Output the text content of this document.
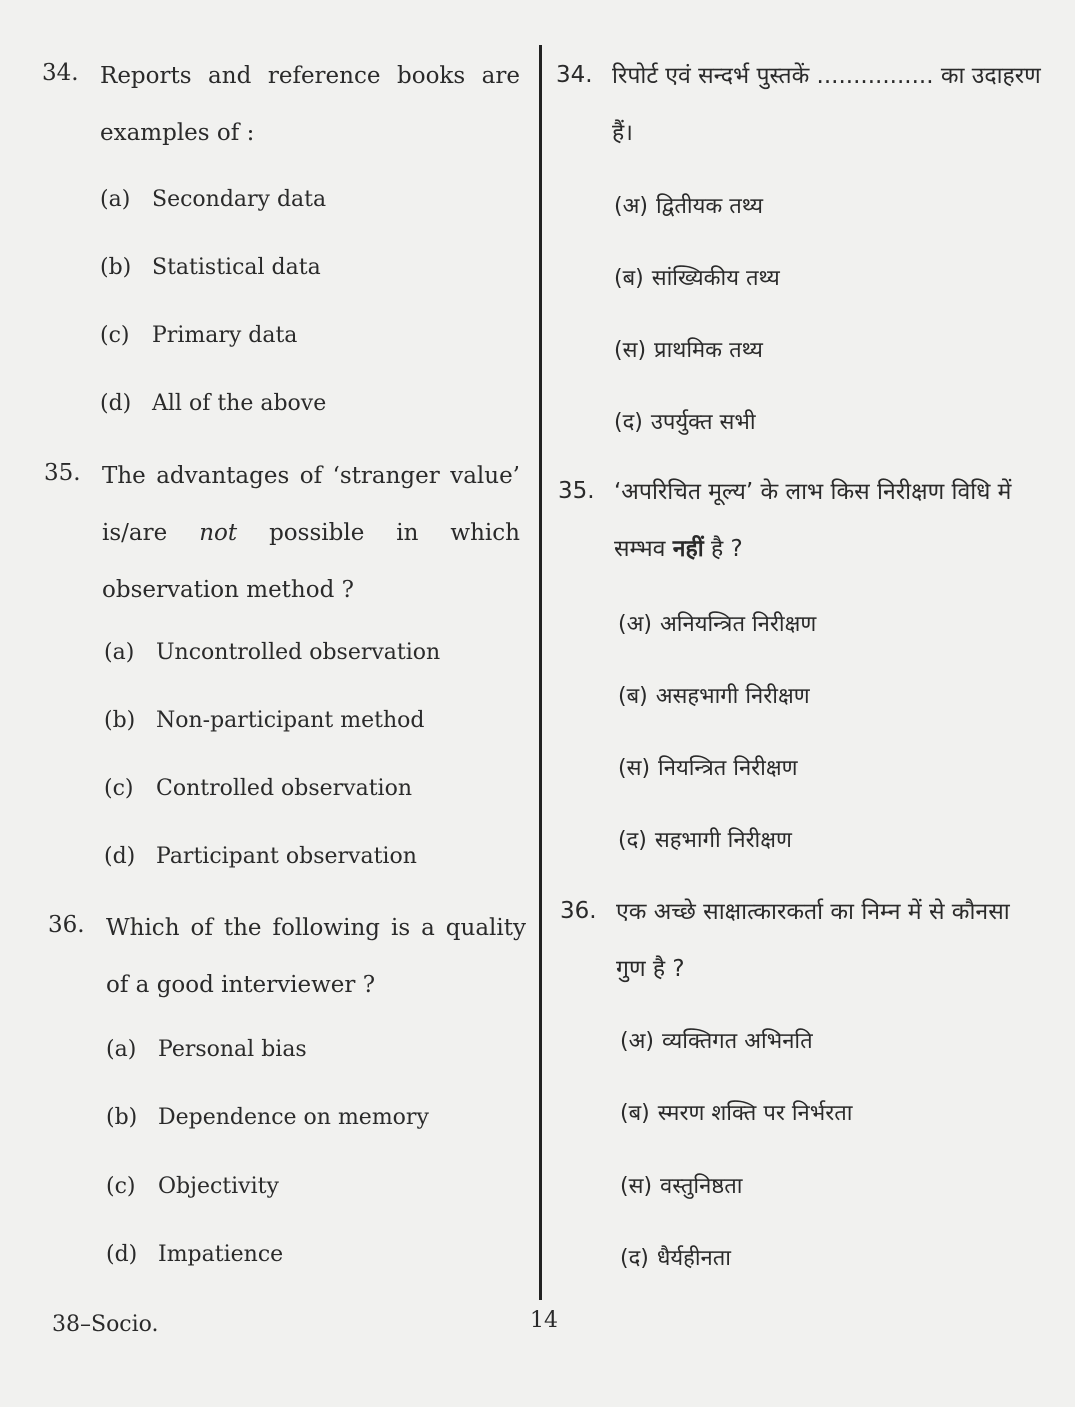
34. Reports and reference books are examples of :
(a) Secondary data
(b) Statistical data
(c) Primary data
(d) All of the above
35. The advantages of ‘stranger value’ is/are not possible in which observation method ?
(a) Uncontrolled observation
(b) Non-participant method
(c) Controlled observation
(d) Participant observation
36. Which of the following is a quality of a good interviewer ?
(a) Personal bias
(b) Dependence on memory
(c) Objectivity
(d) Impatience
34. रिपोर्ट एवं सन्दर्भ पुस्तकें ................ का उदाहरण हैं।
(अ) द्वितीयक तथ्य
(ब) सांख्यिकीय तथ्य
(स) प्राथमिक तथ्य
(द) उपर्युक्त सभी
35. ‘अपरिचित मूल्य’ के लाभ किस निरीक्षण विधि में सम्भव नहीं है ?
(अ) अनियन्त्रित निरीक्षण
(ब) असहभागी निरीक्षण
(स) नियन्त्रित निरीक्षण
(द) सहभागी निरीक्षण
36. एक अच्छे साक्षात्कारकर्ता का निम्न में से कौनसा गुण है ?
(अ) व्यक्तिगत अभिनति
(ब) स्मरण शक्ति पर निर्भरता
(स) वस्तुनिष्ठता
(द) धैर्यहीनता
38–Socio.	14
